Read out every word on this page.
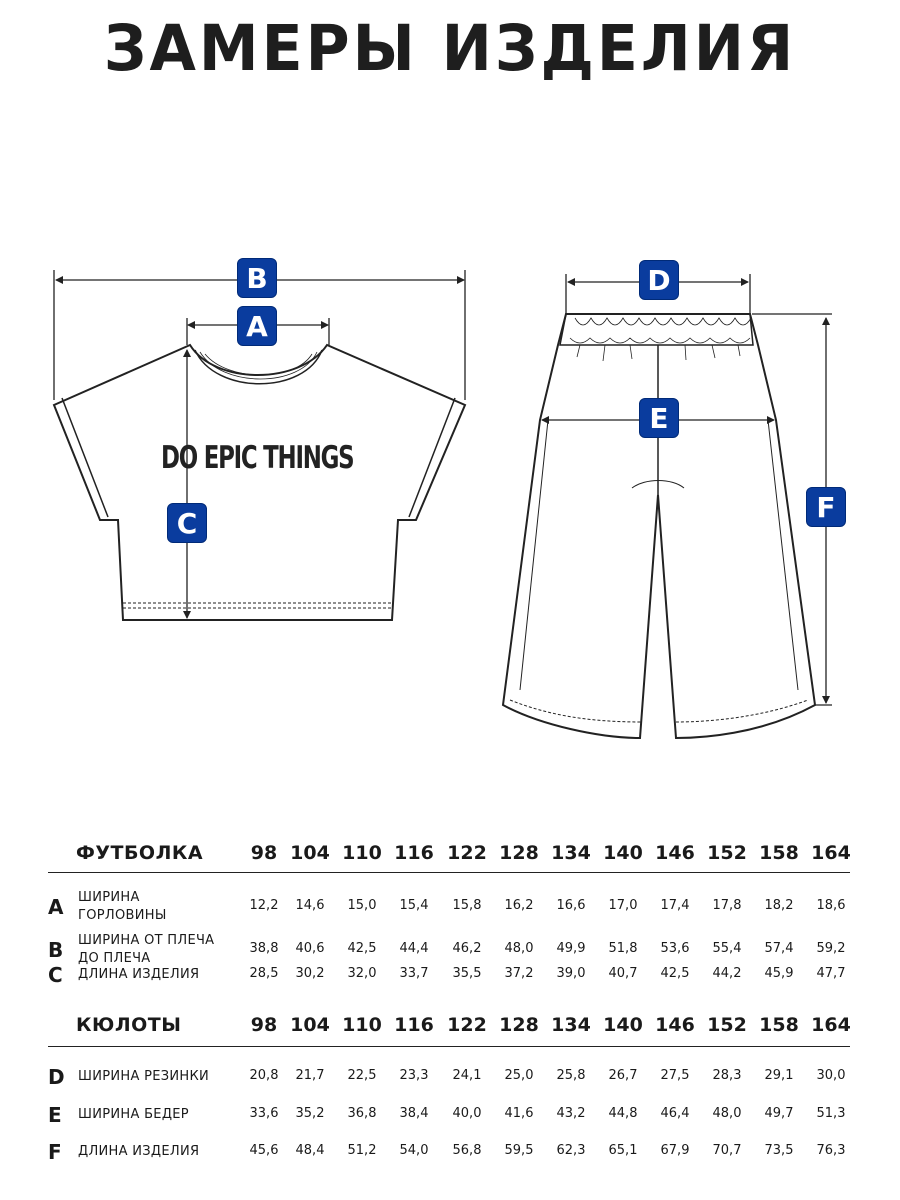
ЗАМЕРЫ ИЗДЕЛИЯ
DO EPIC THINGS
B
A
C
D
E
F
ФУТБОЛКА	98 104 110 116 122 128 134 140 146 152 158 164
A ШИРИНА
ГОРЛОВИНЫ
12,2	14,6	15,0	15,4	15,8	16,2	16,6	17,0	17,4	17,8	18,2	18,6
B ШИРИНА ОТ ПЛЕЧА
ДО ПЛЕЧА
38,8	40,6	42,5	44,4	46,2	48,0	49,9	51,8	53,6	55,4	57,4	59,2
C ДЛИНА ИЗДЕЛИЯ	28,5	30,2	32,0	33,7	35,5	37,2	39,0	40,7	42,5	44,2	45,9	47,7
КЮЛОТЫ	98 104 110 116 122 128 134 140 146 152 158 164
D ШИРИНА РЕЗИНКИ	20,8	21,7	22,5	23,3	24,1	25,0	25,8	26,7	27,5	28,3	29,1	30,0
E ШИРИНА БЕДЕР	33,6	35,2	36,8	38,4	40,0	41,6	43,2	44,8	46,4	48,0	49,7	51,3
F ДЛИНА ИЗДЕЛИЯ	45,6	48,4	51,2	54,0	56,8	59,5	62,3	65,1	67,9	70,7	73,5	76,3
